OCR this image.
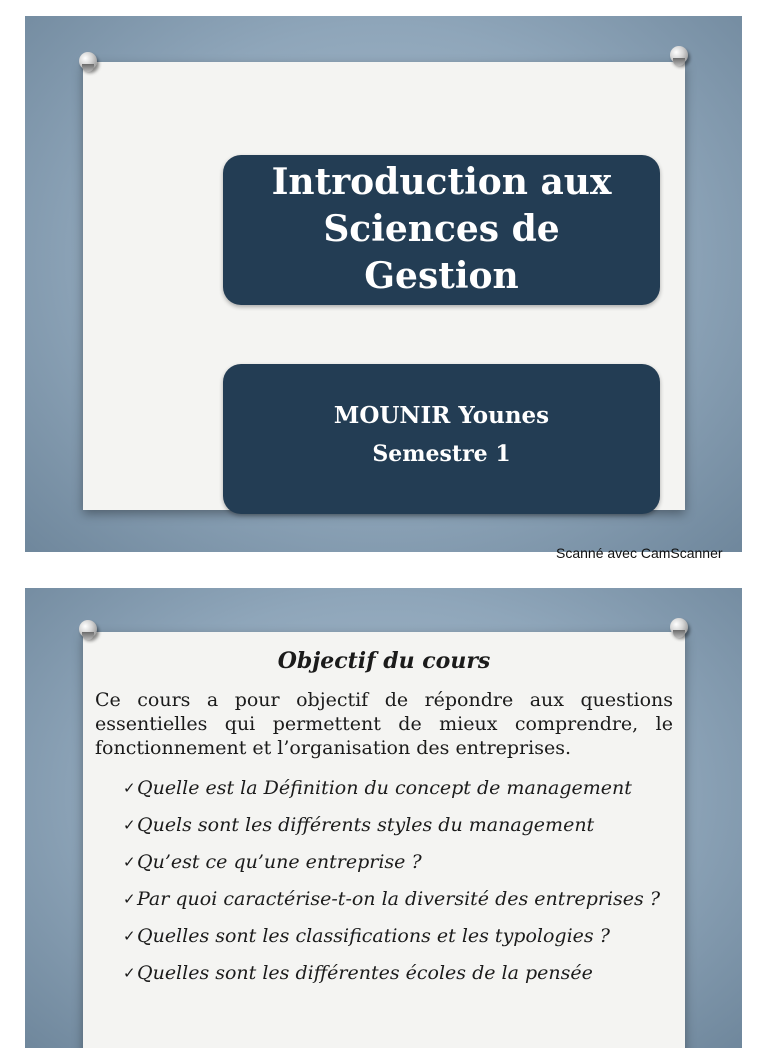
Introduction aux
Sciences de
Gestion
MOUNIR Younes
Semestre 1
Scanné avec CamScanner
Objectif du cours
Ce cours a pour objectif de répondre aux questions essentielles qui permettent de mieux comprendre, le fonctionnement et l’organisation des entreprises.
✓ Quelle est la Définition du concept de management
✓ Quels sont les différents styles du management
✓ Qu’est ce qu’une entreprise ?
✓ Par quoi caractérise-t-on la diversité des entreprises ?
✓ Quelles sont les classifications et les typologies ?
✓ Quelles sont les différentes écoles de la pensée
